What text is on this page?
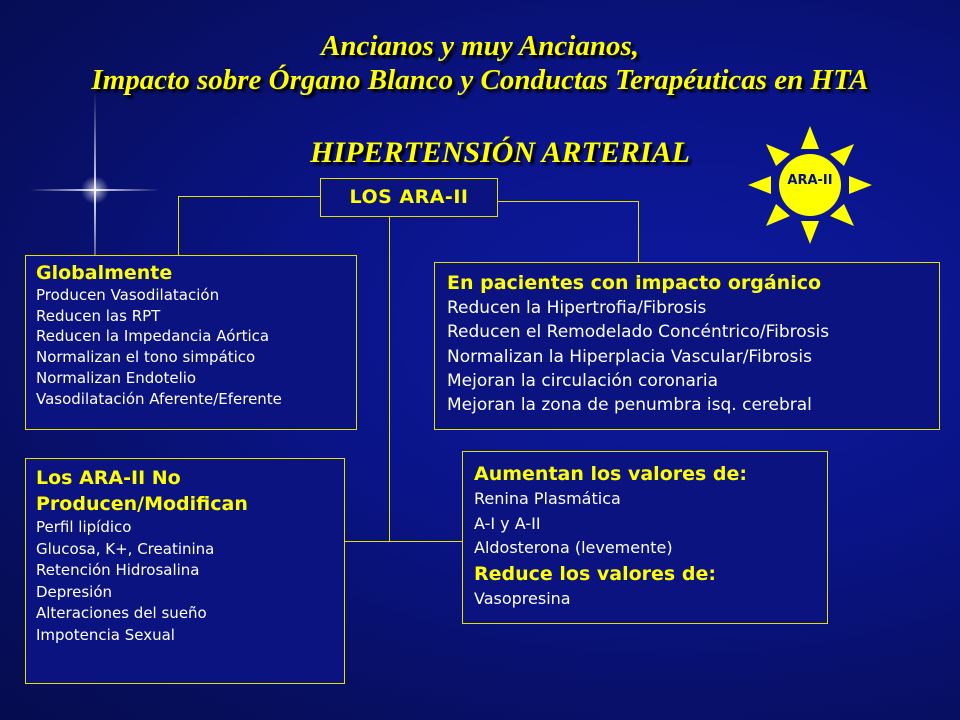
Ancianos y muy Ancianos,
Impacto sobre Órgano Blanco y Conductas Terapéuticas en HTA
HIPERTENSIÓN ARTERIAL
ARA-II
LOS ARA-II
Globalmente
Producen Vasodilatación
Reducen las RPT
Reducen la Impedancia Aórtica
Normalizan el tono simpático
Normalizan Endotelio
Vasodilatación Aferente/Eferente
En pacientes con impacto orgánico
Reducen la Hipertrofia/Fibrosis
Reducen el Remodelado Concéntrico/Fibrosis
Normalizan la Hiperplacia Vascular/Fibrosis
Mejoran la circulación coronaria
Mejoran la zona de penumbra isq. cerebral
Los ARA-II No
Producen/Modifican
Perfil lipídico
Glucosa, K+, Creatinina
Retención Hidrosalina
Depresión
Alteraciones del sueño
Impotencia Sexual
Aumentan los valores de:
Renina Plasmática
A-I y A-II
Aldosterona (levemente)
Reduce los valores de:
Vasopresina
